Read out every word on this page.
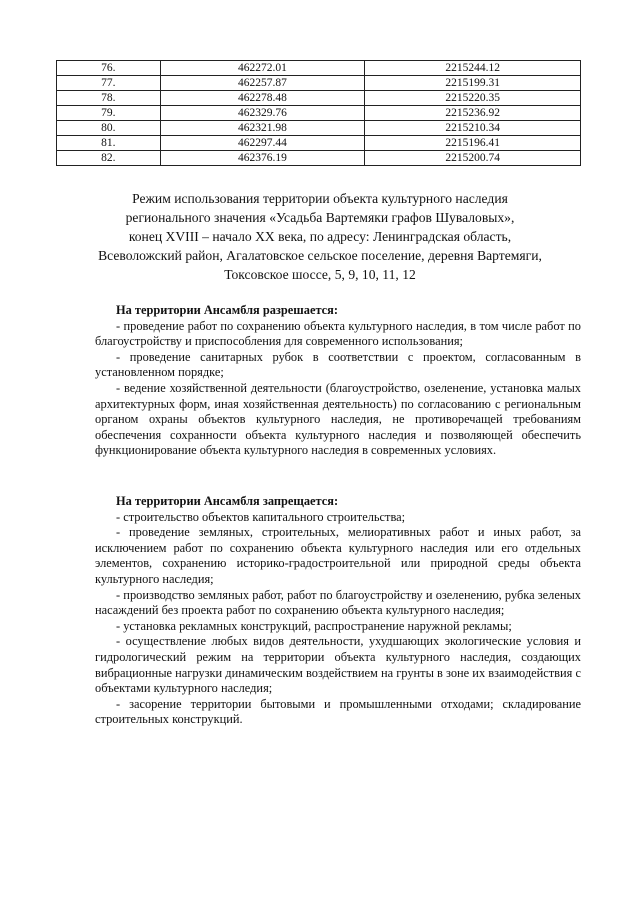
76.	462272.01	2215244.12
77.	462257.87	2215199.31
78.	462278.48	2215220.35
79.	462329.76	2215236.92
80.	462321.98	2215210.34
81.	462297.44	2215196.41
82.	462376.19	2215200.74
Режим использования территории объекта культурного наследия
регионального значения «Усадьба Вартемяки графов Шуваловых»,
конец XVIII – начало XX века, по адресу: Ленинградская область,
Всеволожский район, Агалатовское сельское поселение, деревня Вартемяги,
Токсовское шоссе, 5, 9, 10, 11, 12
На территории Ансамбля разрешается:

- проведение работ по сохранению объекта культурного наследия, в том числе работ по благоустройству и приспособления для современного использования;

- проведение санитарных рубок в соответствии с проектом, согласованным в установленном порядке;

- ведение хозяйственной деятельности (благоустройство, озеленение, установка малых архитектурных форм, иная хозяйственная деятельность) по согласованию с региональным органом охраны объектов культурного наследия, не противоречащей требованиям обеспечения сохранности объекта культурного наследия и позволяющей обеспечить функционирование объекта культурного наследия в современных условиях.

На территории Ансамбля запрещается:

- строительство объектов капитального строительства;

- проведение земляных, строительных, мелиоративных работ и иных работ, за исключением работ по сохранению объекта культурного наследия или его отдельных элементов, сохранению историко-градостроительной или природной среды объекта культурного наследия;

- производство земляных работ, работ по благоустройству и озеленению, рубка зеленых насаждений без проекта работ по сохранению объекта культурного наследия;

- установка рекламных конструкций, распространение наружной рекламы;

- осуществление любых видов деятельности, ухудшающих экологические условия и гидрологический режим на территории объекта культурного наследия, создающих вибрационные нагрузки динамическим воздействием на грунты в зоне их взаимодействия с объектами культурного наследия;

- засорение территории бытовыми и промышленными отходами; складирование строительных конструкций.
